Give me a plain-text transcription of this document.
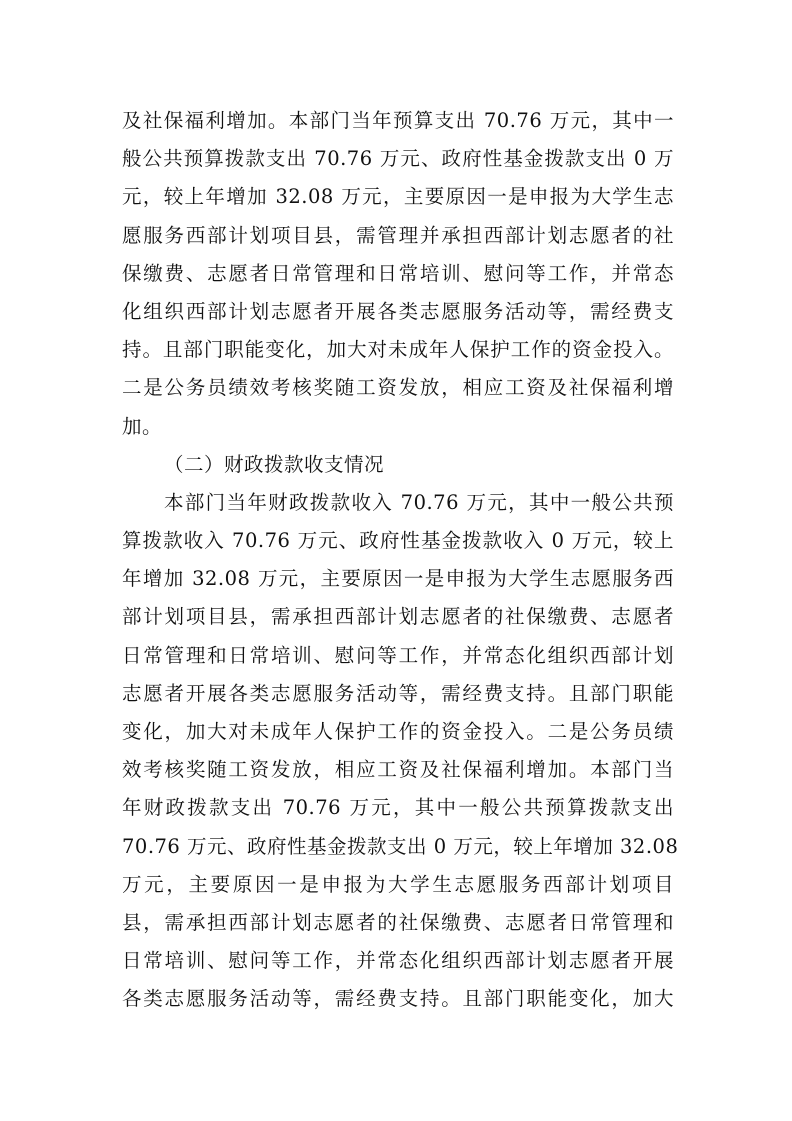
及社保福利增加。本部门当年预算支出 70.76 万元，其中一
般公共预算拨款支出 70.76 万元、政府性基金拨款支出 0 万
元，较上年增加 32.08 万元，主要原因一是申报为大学生志
愿服务西部计划项目县，需管理并承担西部计划志愿者的社
保缴费、志愿者日常管理和日常培训、慰问等工作，并常态
化组织西部计划志愿者开展各类志愿服务活动等，需经费支
持。且部门职能变化，加大对未成年人保护工作的资金投入。
二是公务员绩效考核奖随工资发放，相应工资及社保福利增
加。
（二）财政拨款收支情况
本部门当年财政拨款收入 70.76 万元，其中一般公共预
算拨款收入 70.76 万元、政府性基金拨款收入 0 万元，较上
年增加 32.08 万元，主要原因一是申报为大学生志愿服务西
部计划项目县，需承担西部计划志愿者的社保缴费、志愿者
日常管理和日常培训、慰问等工作，并常态化组织西部计划
志愿者开展各类志愿服务活动等，需经费支持。且部门职能
变化，加大对未成年人保护工作的资金投入。二是公务员绩
效考核奖随工资发放，相应工资及社保福利增加。本部门当
年财政拨款支出 70.76 万元，其中一般公共预算拨款支出
70.76 万元、政府性基金拨款支出 0 万元，较上年增加 32.08
万元，主要原因一是申报为大学生志愿服务西部计划项目
县，需承担西部计划志愿者的社保缴费、志愿者日常管理和
日常培训、慰问等工作，并常态化组织西部计划志愿者开展
各类志愿服务活动等，需经费支持。且部门职能变化，加大
